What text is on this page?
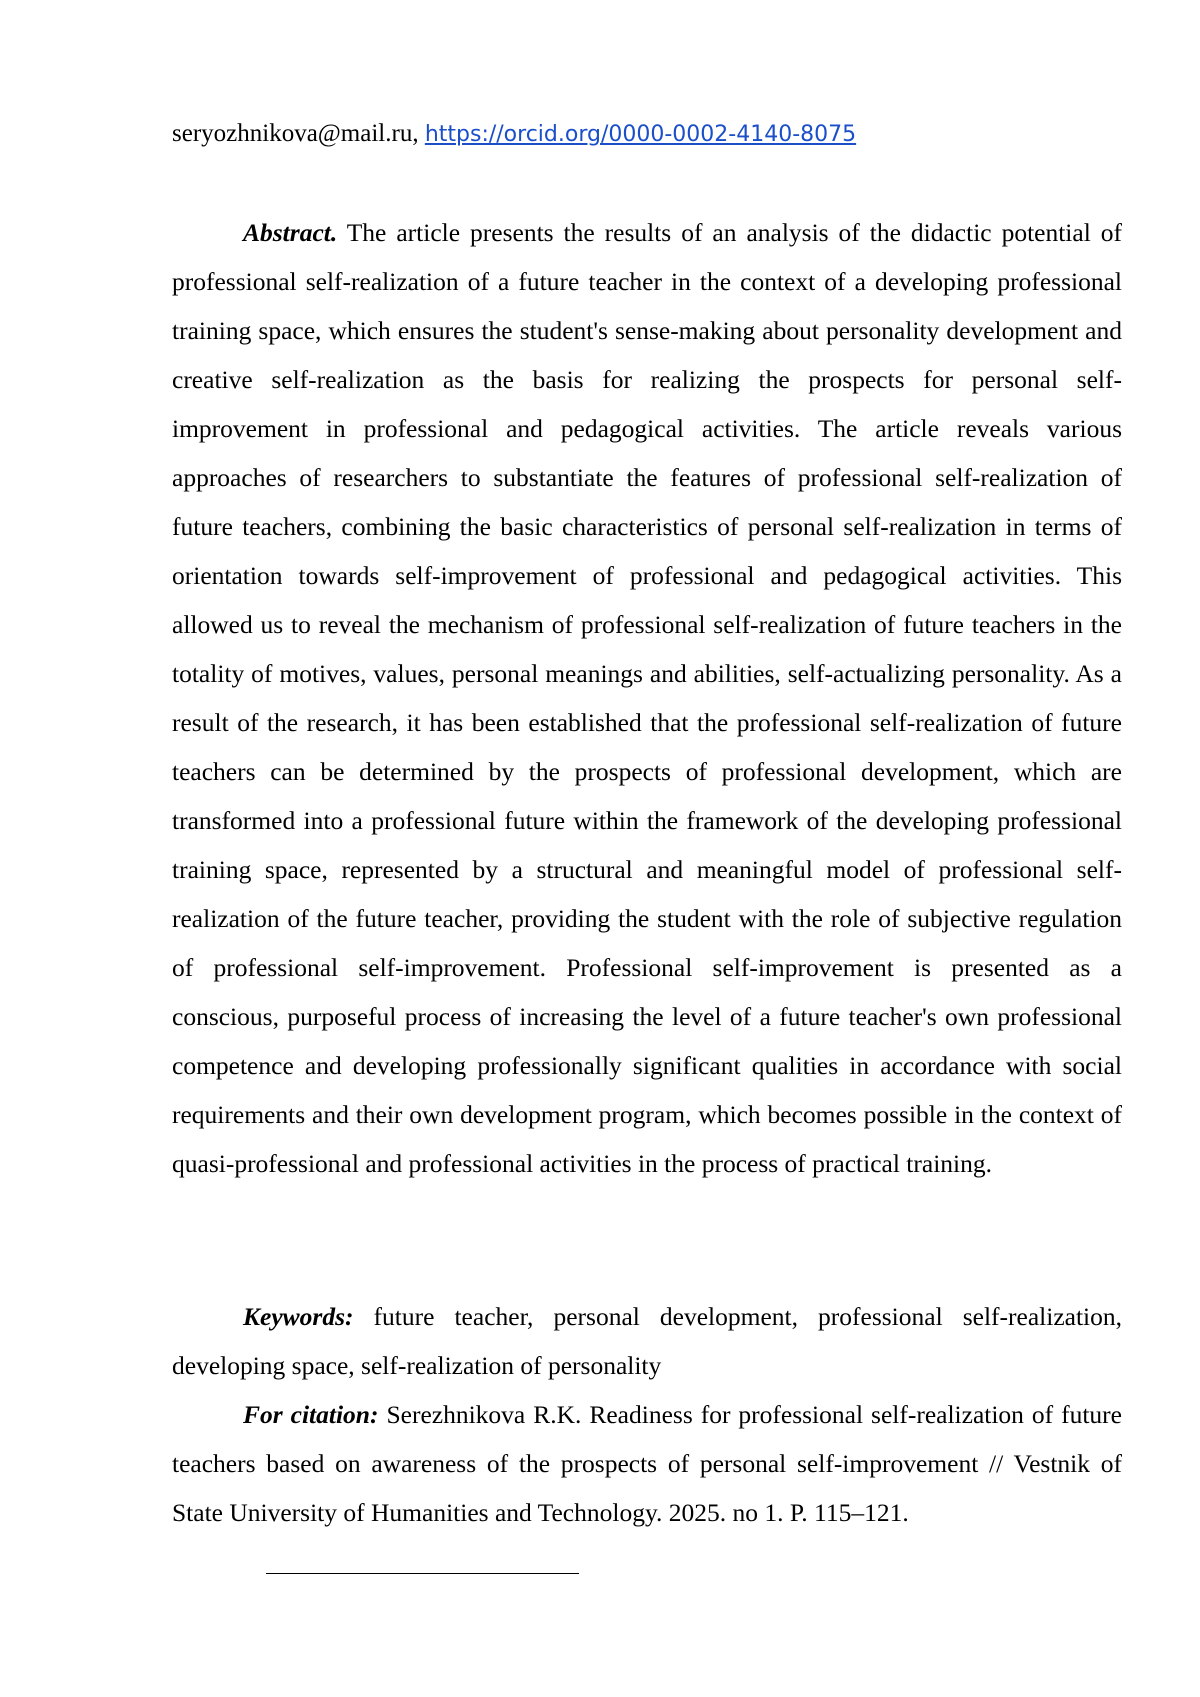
seryozhnikova@mail.ru, https://orcid.org/0000-0002-4140-8075

Abstract. The article presents the results of an analysis of the didactic potential of professional self-realization of a future teacher in the context of a developing professional training space, which ensures the student's sense-making about personality development and creative self-realization as the basis for realizing the prospects for personal self-improvement in professional and pedagogical activities. The article reveals various approaches of researchers to substantiate the features of professional self-realization of future teachers, combining the basic characteristics of personal self-realization in terms of orientation towards self-improvement of professional and pedagogical activities. This allowed us to reveal the mechanism of professional self-realization of future teachers in the totality of motives, values, personal meanings and abilities, self-actualizing personality. As a result of the research, it has been established that the professional self-realization of future teachers can be determined by the prospects of professional development, which are transformed into a professional future within the framework of the developing professional training space, represented by a structural and meaningful model of professional self-realization of the future teacher, providing the student with the role of subjective regulation of professional self-improvement. Professional self-improvement is presented as a conscious, purposeful process of increasing the level of a future teacher's own professional competence and developing professionally significant qualities in accordance with social requirements and their own development program, which becomes possible in the context of quasi-professional and professional activities in the process of practical training.

Keywords: future teacher, personal development, professional self-realization, developing space, self-realization of personality

For citation: Serezhnikova R.K. Readiness for professional self-realization of future teachers based on awareness of the prospects of personal self-improvement // Vestnik of State University of Humanities and Technology. 2025. no 1. P. 115–121.
